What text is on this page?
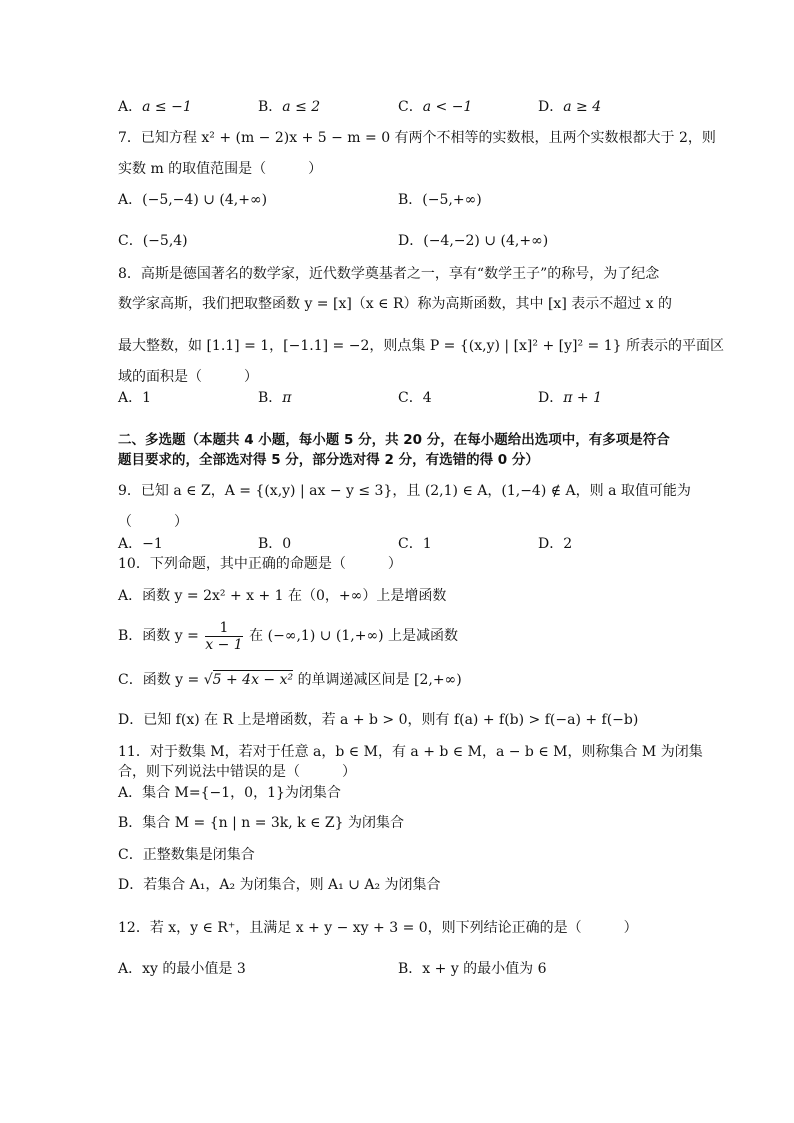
A．a ≤ −1	B．a ≤ 2	C．a < −1	D．a ≥ 4
7．已知方程 x² + (m − 2)x + 5 − m = 0 有两个不相等的实数根，且两个实数根都大于 2，则
实数 m 的取值范围是（　　　）
A．(−5,−4) ∪ (4,+∞)	B．(−5,+∞)
C．(−5,4)	D．(−4,−2) ∪ (4,+∞)
8．高斯是德国著名的数学家，近代数学奠基者之一，享有“数学王子”的称号，为了纪念
数学家高斯，我们把取整函数 y = [x]（x ∈ R）称为高斯函数，其中 [x] 表示不超过 x 的
最大整数，如 [1.1] = 1，[−1.1] = −2，则点集 P = {(x,y) | [x]² + [y]² = 1} 所表示的平面区
域的面积是（　　　）
A．1	B．π	C．4	D．π + 1
二、多选题（本题共 4 小题，每小题 5 分，共 20 分，在每小题给出选项中，有多项是符合
题目要求的，全部选对得 5 分，部分选对得 2 分，有选错的得 0 分）
9．已知 a ∈ Z，A = {(x,y) | ax − y ≤ 3}，且 (2,1) ∈ A，(1,−4) ∉ A，则 a 取值可能为
（　　　）
A．−1	B．0	C．1	D．2
10．下列命题，其中正确的命题是（　　　）
A．函数 y = 2x² + x + 1 在（0，+∞）上是增函数
B．函数 $y = \frac{1}{x - 1}$ 在 (−∞,1) ∪ (1,+∞) 上是减函数
C．函数 y = √5 + 4x − x² 的单调递减区间是 [2,+∞)
D．已知 f(x) 在 R 上是增函数，若 a + b > 0，则有 f(a) + f(b) > f(−a) + f(−b)
11．对于数集 M，若对于任意 a，b ∈ M，有 a + b ∈ M，a − b ∈ M，则称集合 M 为闭集
合，则下列说法中错误的是（　　　）
A．集合 M={−1，0，1}为闭集合
B．集合 M = {n | n = 3k, k ∈ Z} 为闭集合
C．正整数集是闭集合
D．若集合 A₁，A₂ 为闭集合，则 A₁ ∪ A₂ 为闭集合
12．若 x，y ∈ R⁺，且满足 x + y − xy + 3 = 0，则下列结论正确的是（　　　）
A．xy 的最小值是 3	B．x + y 的最小值为 6
